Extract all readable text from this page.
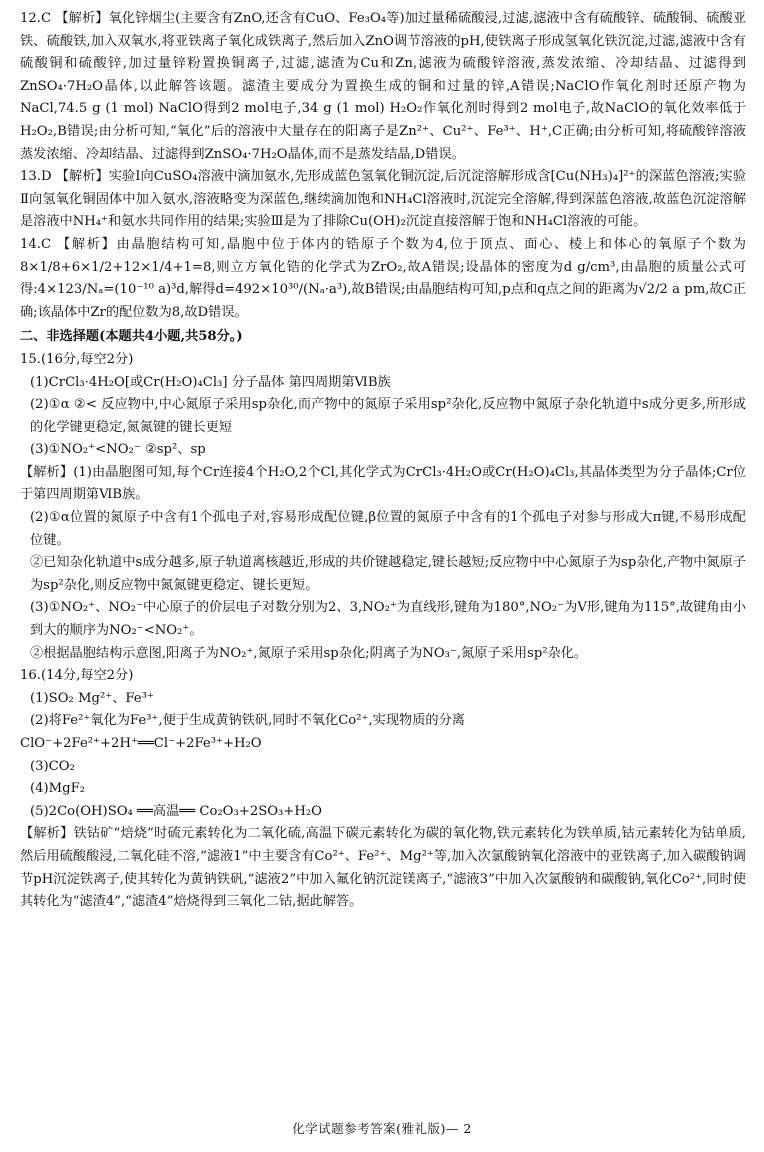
12.C 【解析】氧化锌烟尘(主要含有ZnO,还含有CuO、Fe₃O₄等)加过量稀硫酸浸,过滤,滤液中含有硫酸锌、硫酸铜、硫酸亚铁、硫酸铁,加入双氧水,将亚铁离子氧化成铁离子,然后加入ZnO调节溶液的pH,使铁离子形成氢氧化铁沉淀,过滤,滤液中含有硫酸铜和硫酸锌,加过量锌粉置换铜离子,过滤,滤渣为Cu和Zn,滤液为硫酸锌溶液,蒸发浓缩、冷却结晶、过滤得到ZnSO₄·7H₂O晶体,以此解答该题。滤渣主要成分为置换生成的铜和过量的锌,A错误;NaClO作氧化剂时还原产物为NaCl,74.5 g (1 mol) NaClO得到2 mol电子,34 g (1 mol) H₂O₂作氧化剂时得到2 mol电子,故NaClO的氧化效率低于H₂O₂,B错误;由分析可知,“氧化”后的溶液中大量存在的阳离子是Zn²⁺、Cu²⁺、Fe³⁺、H⁺,C正确;由分析可知,将硫酸锌溶液蒸发浓缩、冷却结晶、过滤得到ZnSO₄·7H₂O晶体,而不是蒸发结晶,D错误。

13.D 【解析】实验Ⅰ向CuSO₄溶液中滴加氨水,先形成蓝色氢氧化铜沉淀,后沉淀溶解形成含[Cu(NH₃)₄]²⁺的深蓝色溶液;实验Ⅱ向氢氧化铜固体中加入氨水,溶液略变为深蓝色,继续滴加饱和NH₄Cl溶液时,沉淀完全溶解,得到深蓝色溶液,故蓝色沉淀溶解是溶液中NH₄⁺和氨水共同作用的结果;实验Ⅲ是为了排除Cu(OH)₂沉淀直接溶解于饱和NH₄Cl溶液的可能。

14.C 【解析】由晶胞结构可知,晶胞中位于体内的锆原子个数为4,位于顶点、面心、棱上和体心的氧原子个数为8×1/8+6×1/2+12×1/4+1=8,则立方氧化锆的化学式为ZrO₂,故A错误;设晶体的密度为d g/cm³,由晶胞的质量公式可得:4×123/Nₐ=(10⁻¹⁰ a)³d,解得d=492×10³⁰/(Nₐ·a³),故B错误;由晶胞结构可知,p点和q点之间的距离为√2/2 a pm,故C正确;该晶体中Zr的配位数为8,故D错误。

二、非选择题(本题共4小题,共58分。)

15.(16分,每空2分)

(1)CrCl₃·4H₂O[或Cr(H₂O)₄Cl₃] 分子晶体 第四周期第ⅥB族

(2)①α ②< 反应物中,中心氮原子采用sp杂化,而产物中的氮原子采用sp²杂化,反应物中氮原子杂化轨道中s成分更多,所形成的化学键更稳定,氮氮键的键长更短

(3)①NO₂⁺<NO₂⁻ ②sp²、sp

【解析】(1)由晶胞图可知,每个Cr连接4个H₂O,2个Cl,其化学式为CrCl₃·4H₂O或Cr(H₂O)₄Cl₃,其晶体类型为分子晶体;Cr位于第四周期第ⅥB族。

(2)①α位置的氮原子中含有1个孤电子对,容易形成配位键,β位置的氮原子中含有的1个孤电子对参与形成大π键,不易形成配位键。

②已知杂化轨道中s成分越多,原子轨道离核越近,形成的共价键越稳定,键长越短;反应物中中心氮原子为sp杂化,产物中氮原子为sp²杂化,则反应物中氮氮键更稳定、键长更短。

(3)①NO₂⁺、NO₂⁻中心原子的价层电子对数分别为2、3,NO₂⁺为直线形,键角为180°,NO₂⁻为V形,键角为115°,故键角由小到大的顺序为NO₂⁻<NO₂⁺。

②根据晶胞结构示意图,阳离子为NO₂⁺,氮原子采用sp杂化;阴离子为NO₃⁻,氮原子采用sp²杂化。

16.(14分,每空2分)

(1)SO₂ Mg²⁺、Fe³⁺

(2)将Fe²⁺氧化为Fe³⁺,便于生成黄钠铁矾,同时不氧化Co²⁺,实现物质的分离

ClO⁻+2Fe²⁺+2H⁺══Cl⁻+2Fe³⁺+H₂O

(3)CO₂

(4)MgF₂

(5)2Co(OH)SO₄ ══高温══ Co₂O₃+2SO₃+H₂O

【解析】铁钴矿“焙烧”时硫元素转化为二氧化硫,高温下碳元素转化为碳的氧化物,铁元素转化为铁单质,钴元素转化为钴单质,然后用硫酸酸浸,二氧化硅不溶,“滤液1”中主要含有Co²⁺、Fe²⁺、Mg²⁺等,加入次氯酸钠氧化溶液中的亚铁离子,加入碳酸钠调节pH沉淀铁离子,使其转化为黄钠铁矾,“滤液2”中加入氟化钠沉淀镁离子,“滤液3”中加入次氯酸钠和碳酸钠,氧化Co²⁺,同时使其转化为“滤渣4”,“滤渣4”焙烧得到三氧化二钴,据此解答。

化学试题参考答案(雅礼版)— 2
